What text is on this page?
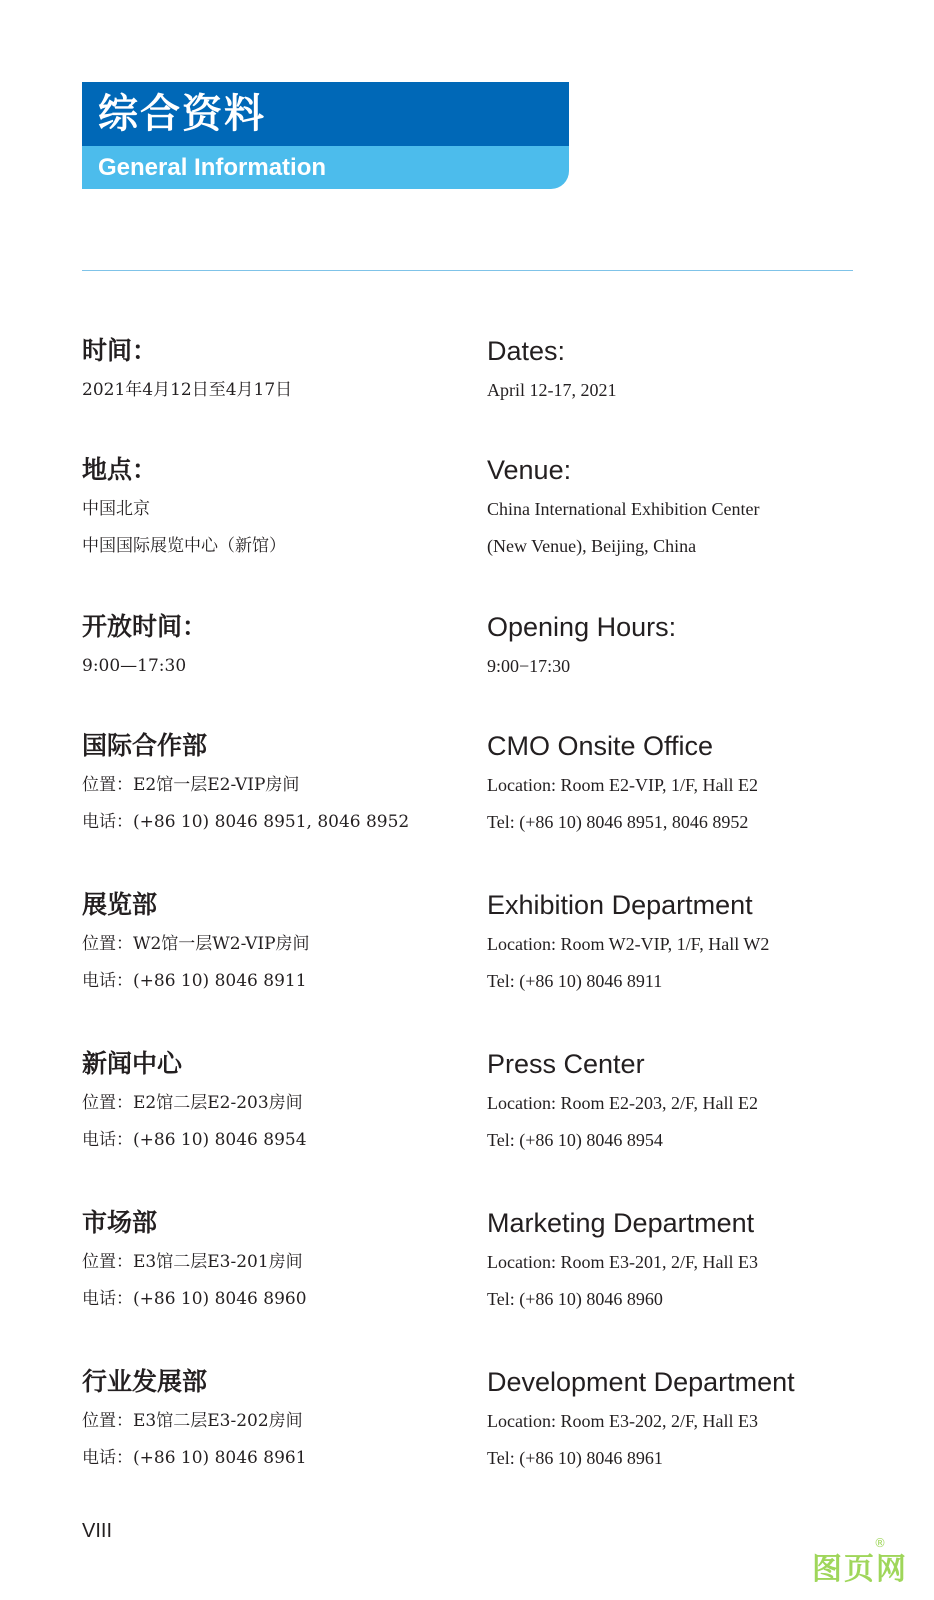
综合资料
General Information
时间：
2021年4月12日至4月17日
Dates:
April 12-17, 2021
地点：
中国北京
中国国际展览中心（新馆）
Venue:
China International Exhibition Center
(New Venue), Beijing, China
开放时间：
9:00—17:30
Opening Hours:
9:00−17:30
国际合作部
位置：E2馆一层E2-VIP房间
电话：(+86 10) 8046 8951, 8046 8952
CMO Onsite Office
Location: Room E2-VIP, 1/F, Hall E2
Tel: (+86 10) 8046 8951, 8046 8952
展览部
位置：W2馆一层W2-VIP房间
电话：(+86 10) 8046 8911
Exhibition Department
Location: Room W2-VIP, 1/F, Hall W2
Tel: (+86 10) 8046 8911
新闻中心
位置：E2馆二层E2-203房间
电话：(+86 10) 8046 8954
Press Center
Location: Room E2-203, 2/F, Hall E2
Tel: (+86 10) 8046 8954
市场部
位置：E3馆二层E3-201房间
电话：(+86 10) 8046 8960
Marketing Department
Location: Room E3-201, 2/F, Hall E3
Tel: (+86 10) 8046 8960
行业发展部
位置：E3馆二层E3-202房间
电话：(+86 10) 8046 8961
Development Department
Location: Room E3-202, 2/F, Hall E3
Tel: (+86 10) 8046 8961
VIII
®
图页网
